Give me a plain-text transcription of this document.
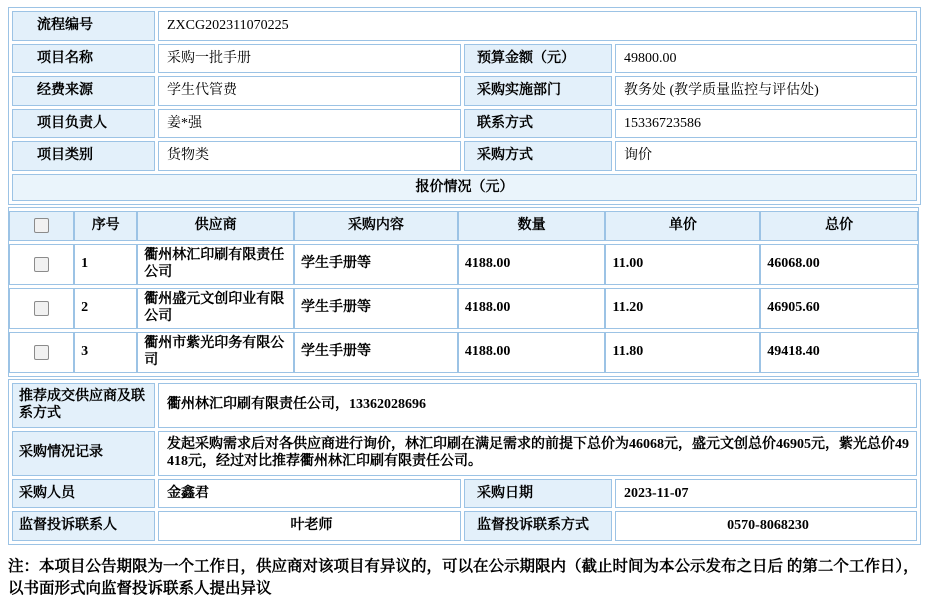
流程编号	ZXCG202311070225		
项目名称	采购一批手册	预算金额（元）	49800.00
经费来源	学生代管费	采购实施部门	教务处 (教学质量监控与评估处)
项目负责人	姜*强	联系方式	15336723586
项目类别	货物类	采购方式	询价
报价情况（元）			
	序号	供应商	采购内容	数量	单价	总价
	1	衢州林汇印刷有限责任公司	学生手册等	4188.00	11.00	46068.00
	2	衢州盛元文创印业有限公司	学生手册等	4188.00	11.20	46905.60
	3	衢州市紫光印务有限公司	学生手册等	4188.00	11.80	49418.40
推荐成交供应商及联系方式	衢州林汇印刷有限责任公司，13362028696		
采购情况记录	发起采购需求后对各供应商进行询价，林汇印刷在满足需求的前提下总价为46068元，盛元文创总价46905元，紫光总价49418元，经过对比推荐衢州林汇印刷有限责任公司。		
采购人员	金鑫君	采购日期	2023-11-07
监督投诉联系人	叶老师	监督投诉联系方式	0570-8068230

注：本项目公告期限为一个工作日，供应商对该项目有异议的，可以在公示期限内（截止时间为本公示发布之日后 的第二个工作日），以书面形式向监督投诉联系人提出异议
